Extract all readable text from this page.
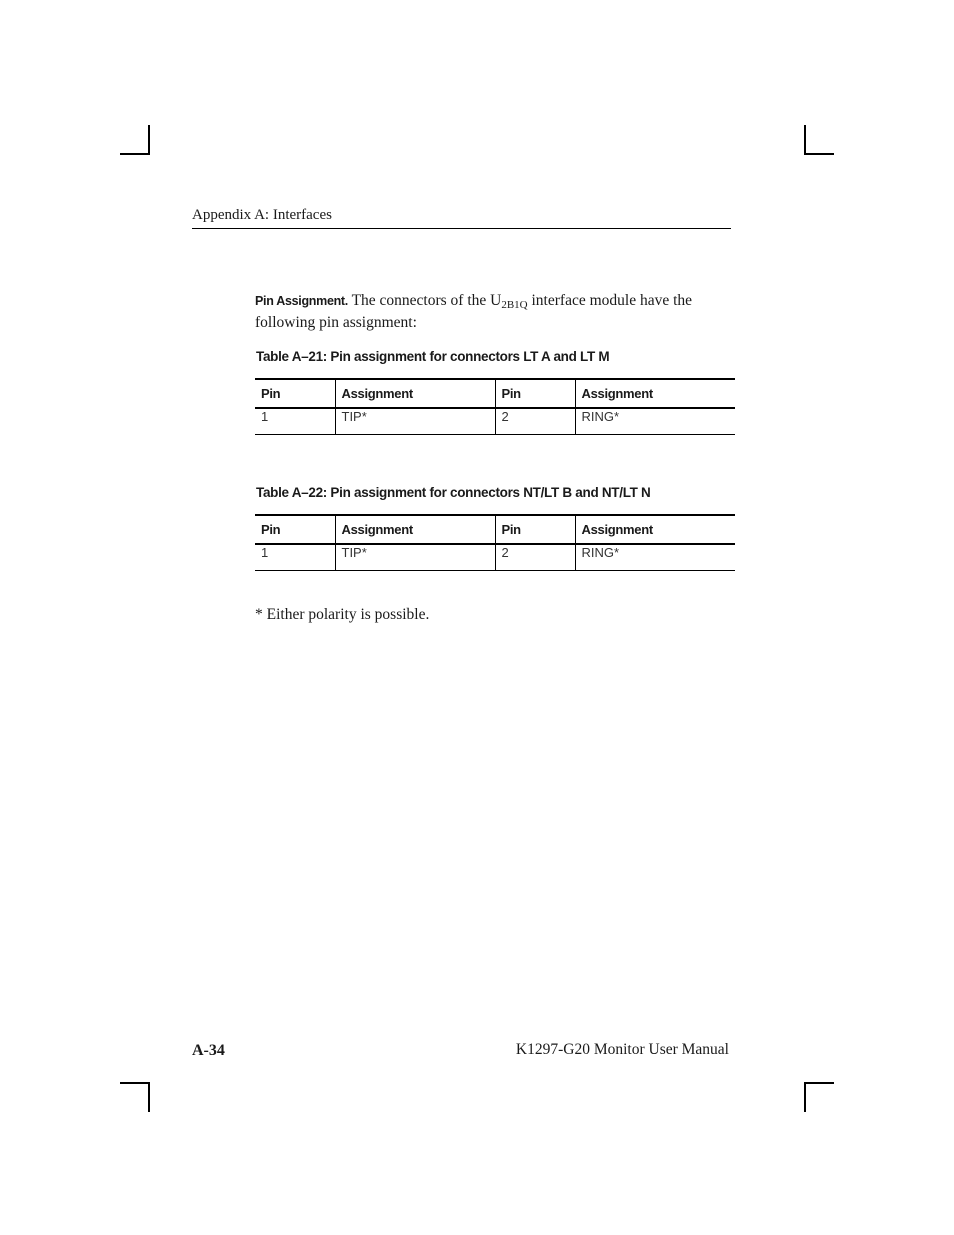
Appendix A: Interfaces
Pin Assignment. The connectors of the $U_{2B1Q}$ interface module have the following pin assignment:
Table A–21: Pin assignment for connectors LT A and LT M
Pin	Assignment	Pin	Assignment
1	TIP*	2	RING*
Table A–22: Pin assignment for connectors NT/LT B and NT/LT N
Pin	Assignment	Pin	Assignment
1	TIP*	2	RING*
* Either polarity is possible.
A-34	K1297-G20 Monitor User Manual
